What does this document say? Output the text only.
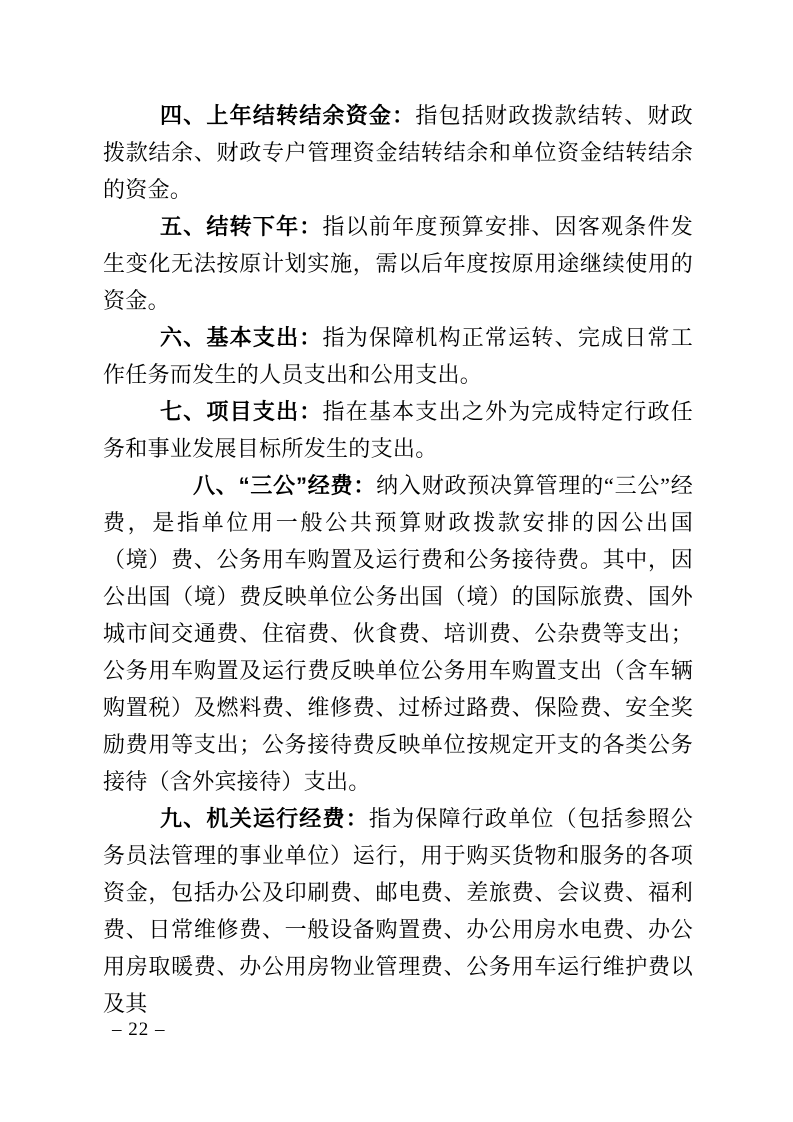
四、上年结转结余资金：指包括财政拨款结转、财政拨款结余、财政专户管理资金结转结余和单位资金结转结余的资金。

五、结转下年：指以前年度预算安排、因客观条件发生变化无法按原计划实施，需以后年度按原用途继续使用的资金。

六、基本支出：指为保障机构正常运转、完成日常工作任务而发生的人员支出和公用支出。

七、项目支出：指在基本支出之外为完成特定行政任务和事业发展目标所发生的支出。

八、“三公”经费：纳入财政预决算管理的“三公”经费，是指单位用一般公共预算财政拨款安排的因公出国（境）费、公务用车购置及运行费和公务接待费。其中，因公出国（境）费反映单位公务出国（境）的国际旅费、国外城市间交通费、住宿费、伙食费、培训费、公杂费等支出；公务用车购置及运行费反映单位公务用车购置支出（含车辆购置税）及燃料费、维修费、过桥过路费、保险费、安全奖励费用等支出；公务接待费反映单位按规定开支的各类公务接待（含外宾接待）支出。

九、机关运行经费：指为保障行政单位（包括参照公务员法管理的事业单位）运行，用于购买货物和服务的各项资金，包括办公及印刷费、邮电费、差旅费、会议费、福利费、日常维修费、一般设备购置费、办公用房水电费、办公用房取暖费、办公用房物业管理费、公务用车运行维护费以及其

– 22 –
